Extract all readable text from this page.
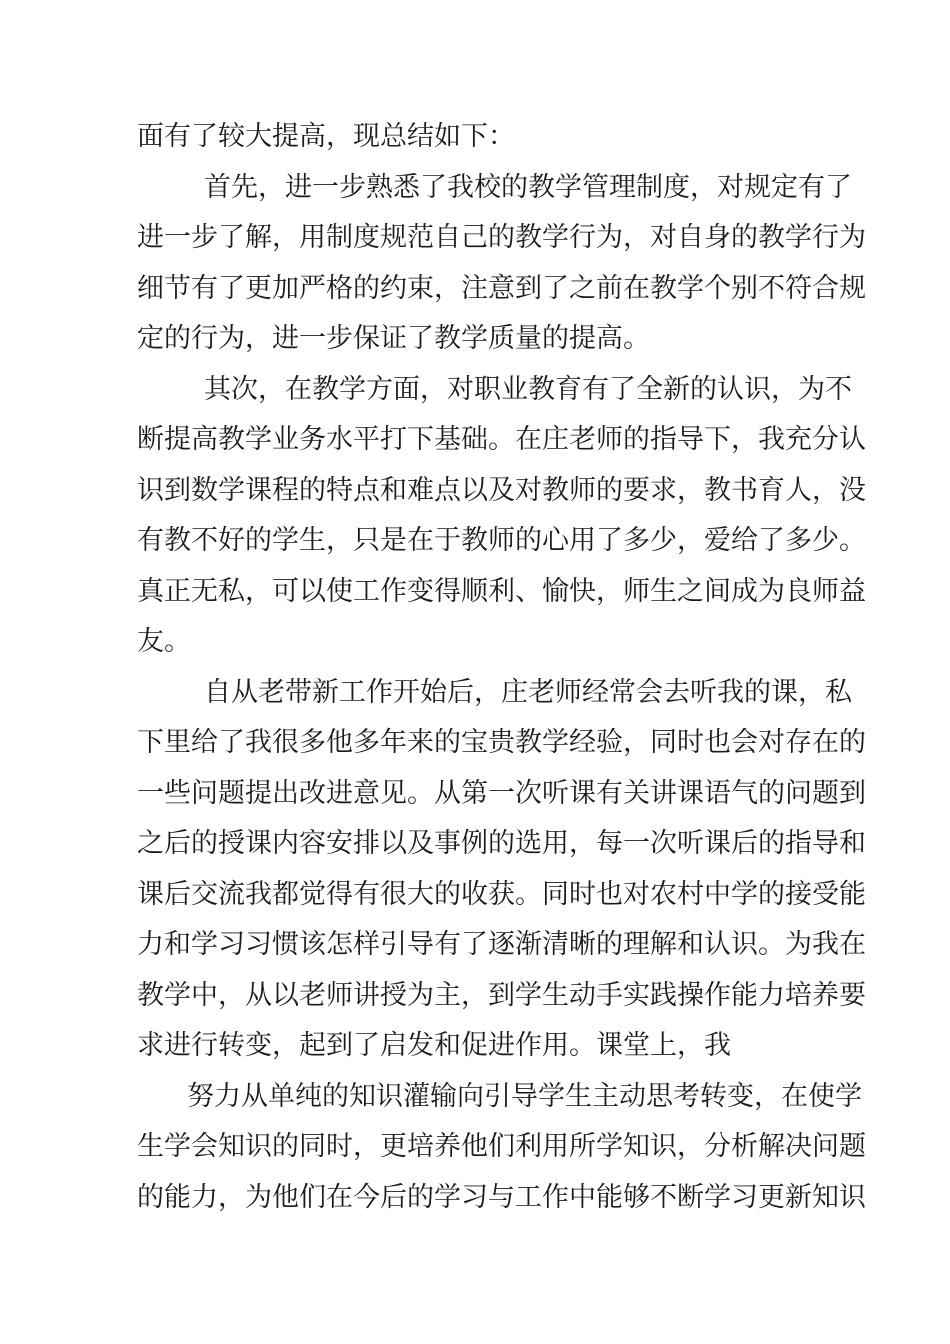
面有了较大提高，现总结如下：
首先，进一步熟悉了我校的教学管理制度，对规定有了
进一步了解，用制度规范自己的教学行为，对自身的教学行为
细节有了更加严格的约束，注意到了之前在教学个别不符合规
定的行为，进一步保证了教学质量的提高。
其次，在教学方面，对职业教育有了全新的认识，为不
断提高教学业务水平打下基础。在庄老师的指导下，我充分认
识到数学课程的特点和难点以及对教师的要求，教书育人，没
有教不好的学生，只是在于教师的心用了多少，爱给了多少。
真正无私，可以使工作变得顺利、愉快，师生之间成为良师益
友。
自从老带新工作开始后，庄老师经常会去听我的课，私
下里给了我很多他多年来的宝贵教学经验，同时也会对存在的
一些问题提出改进意见。从第一次听课有关讲课语气的问题到
之后的授课内容安排以及事例的选用，每一次听课后的指导和
课后交流我都觉得有很大的收获。同时也对农村中学的接受能
力和学习习惯该怎样引导有了逐渐清晰的理解和认识。为我在
教学中，从以老师讲授为主，到学生动手实践操作能力培养要
求进行转变，起到了启发和促进作用。课堂上，我
努力从单纯的知识灌输向引导学生主动思考转变，在使学
生学会知识的同时，更培养他们利用所学知识，分析解决问题
的能力，为他们在今后的学习与工作中能够不断学习更新知识
